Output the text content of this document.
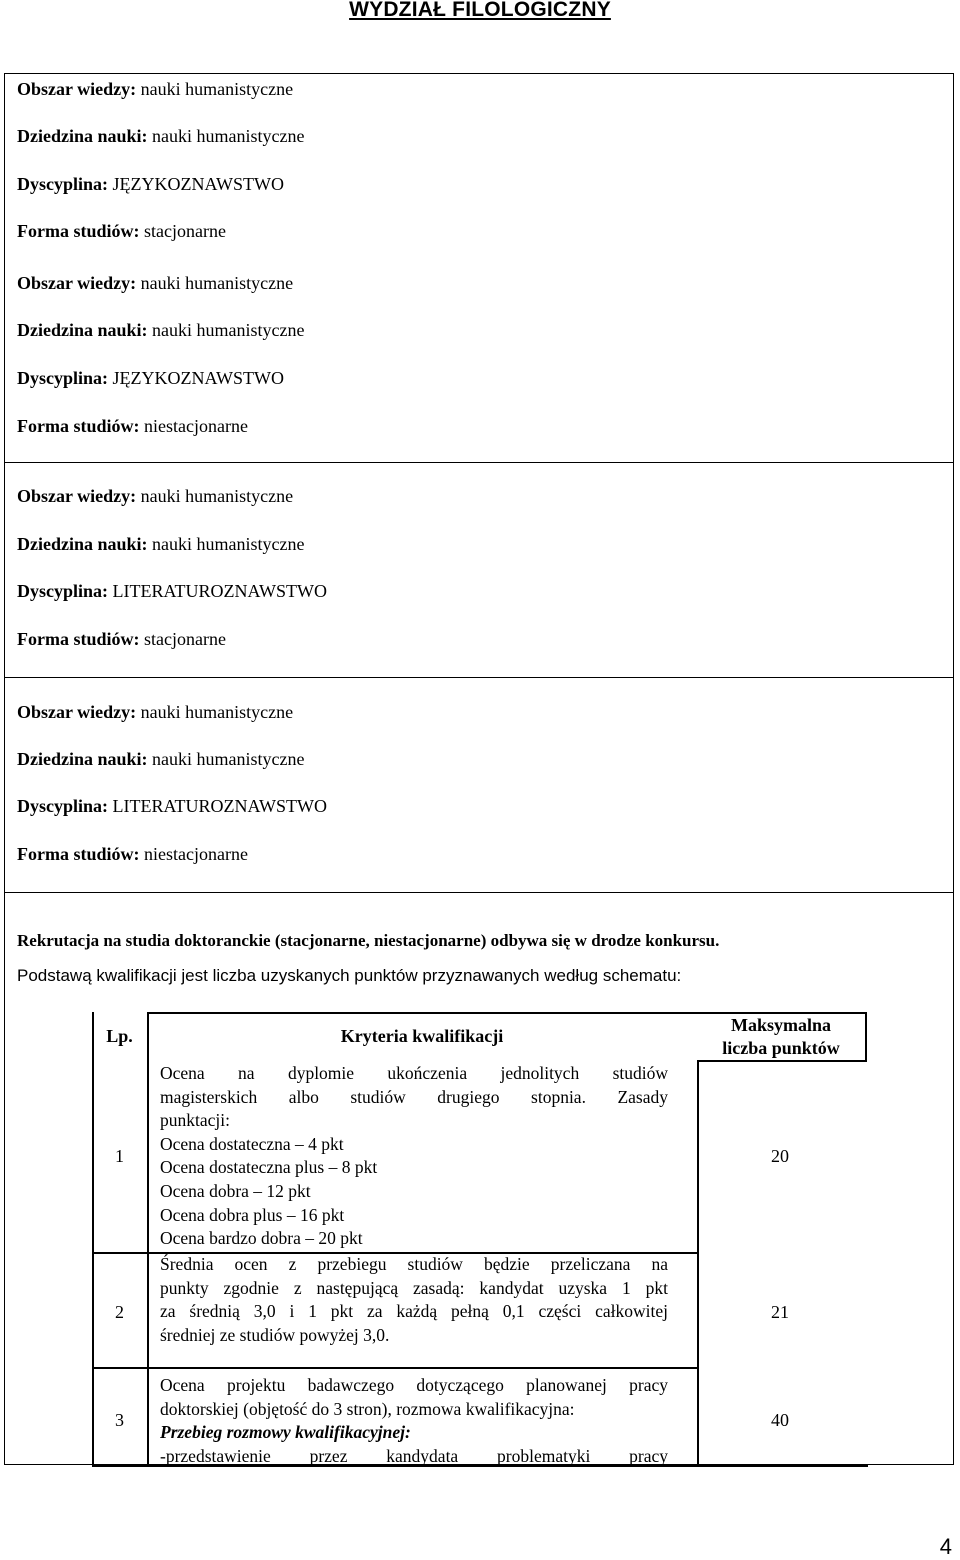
WYDZIAŁ FILOLOGICZNY
Obszar wiedzy: nauki humanistyczne
Dziedzina nauki: nauki humanistyczne
Dyscyplina: JĘZYKOZNAWSTWO
Forma studiów: stacjonarne
Obszar wiedzy: nauki humanistyczne
Dziedzina nauki: nauki humanistyczne
Dyscyplina: JĘZYKOZNAWSTWO
Forma studiów: niestacjonarne
Obszar wiedzy: nauki humanistyczne
Dziedzina nauki: nauki humanistyczne
Dyscyplina: LITERATUROZNAWSTWO
Forma studiów: stacjonarne
Obszar wiedzy: nauki humanistyczne
Dziedzina nauki: nauki humanistyczne
Dyscyplina: LITERATUROZNAWSTWO
Forma studiów: niestacjonarne
Rekrutacja na studia doktoranckie (stacjonarne, niestacjonarne) odbywa się w drodze konkursu.
Podstawą kwalifikacji jest liczba uzyskanych punktów przyznawanych według schematu:
Lp.	Kryteria kwalifikacji
Maksymalna
liczba punktów
1
Ocena na dyplomie ukończenia jednolitych studiów
magisterskich albo studiów drugiego stopnia. Zasady
punktacji:
Ocena dostateczna – 4 pkt
Ocena dostateczna plus – 8 pkt
Ocena dobra – 12 pkt
Ocena dobra plus – 16 pkt
Ocena bardzo dobra – 20 pkt
20
2
Średnia ocen z przebiegu studiów będzie przeliczana na
punkty zgodnie z następującą zasadą: kandydat uzyska 1 pkt
za średnią 3,0 i 1 pkt za każdą pełną 0,1 części całkowitej
średniej ze studiów powyżej 3,0.
21
3
Ocena projektu badawczego dotyczącego planowanej pracy
doktorskiej (objętość do 3 stron), rozmowa kwalifikacyjna:
Przebieg rozmowy kwalifikacyjnej:
-przedstawienie przez kandydata problematyki pracy
40
4
